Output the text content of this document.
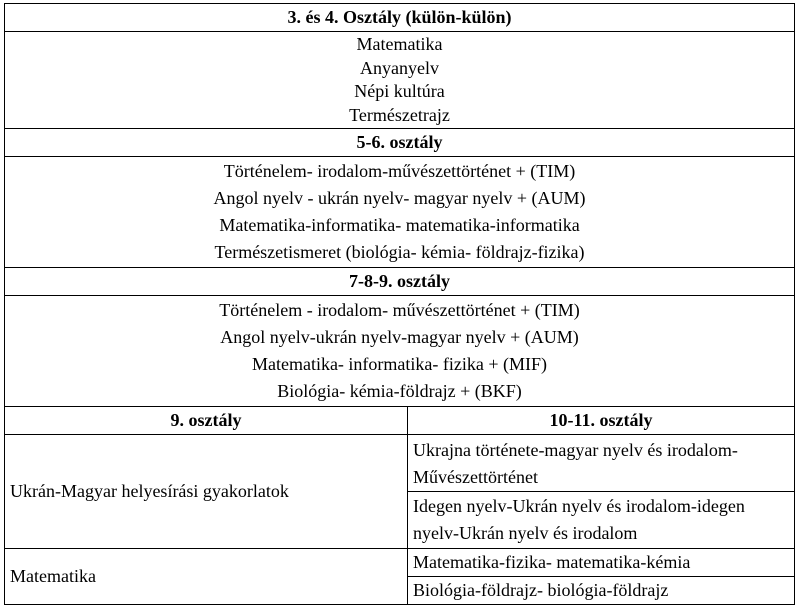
3. és 4. Osztály (külön-külön)	

Matematika
Anyanyelv
Népi kultúra
Természetrajz	

5-6. osztály	

Történelem- irodalom-művészettörténet + (TIM)
Angol nyelv - ukrán nyelv- magyar nyelv + (AUM)
Matematika-informatika- matematika-informatika
Természetismeret (biológia- kémia- földrajz-fizika)	

7-8-9. osztály	

Történelem - irodalom- művészettörténet + (TIM)
Angol nyelv-ukrán nyelv-magyar nyelv + (AUM)
Matematika- informatika- fizika + (MIF)
Biológia- kémia-földrajz + (BKF)	

9. osztály	10-11. osztály
Ukrán-Magyar helyesírási gyakorlatok	Ukrajna története-magyar nyelv és irodalom-Művészettörténet
	Idegen nyelv-Ukrán nyelv és irodalom-idegen nyelv-Ukrán nyelv és irodalom
Matematika	Matematika-fizika- matematika-kémia
	Biológia-földrajz- biológia-földrajz
